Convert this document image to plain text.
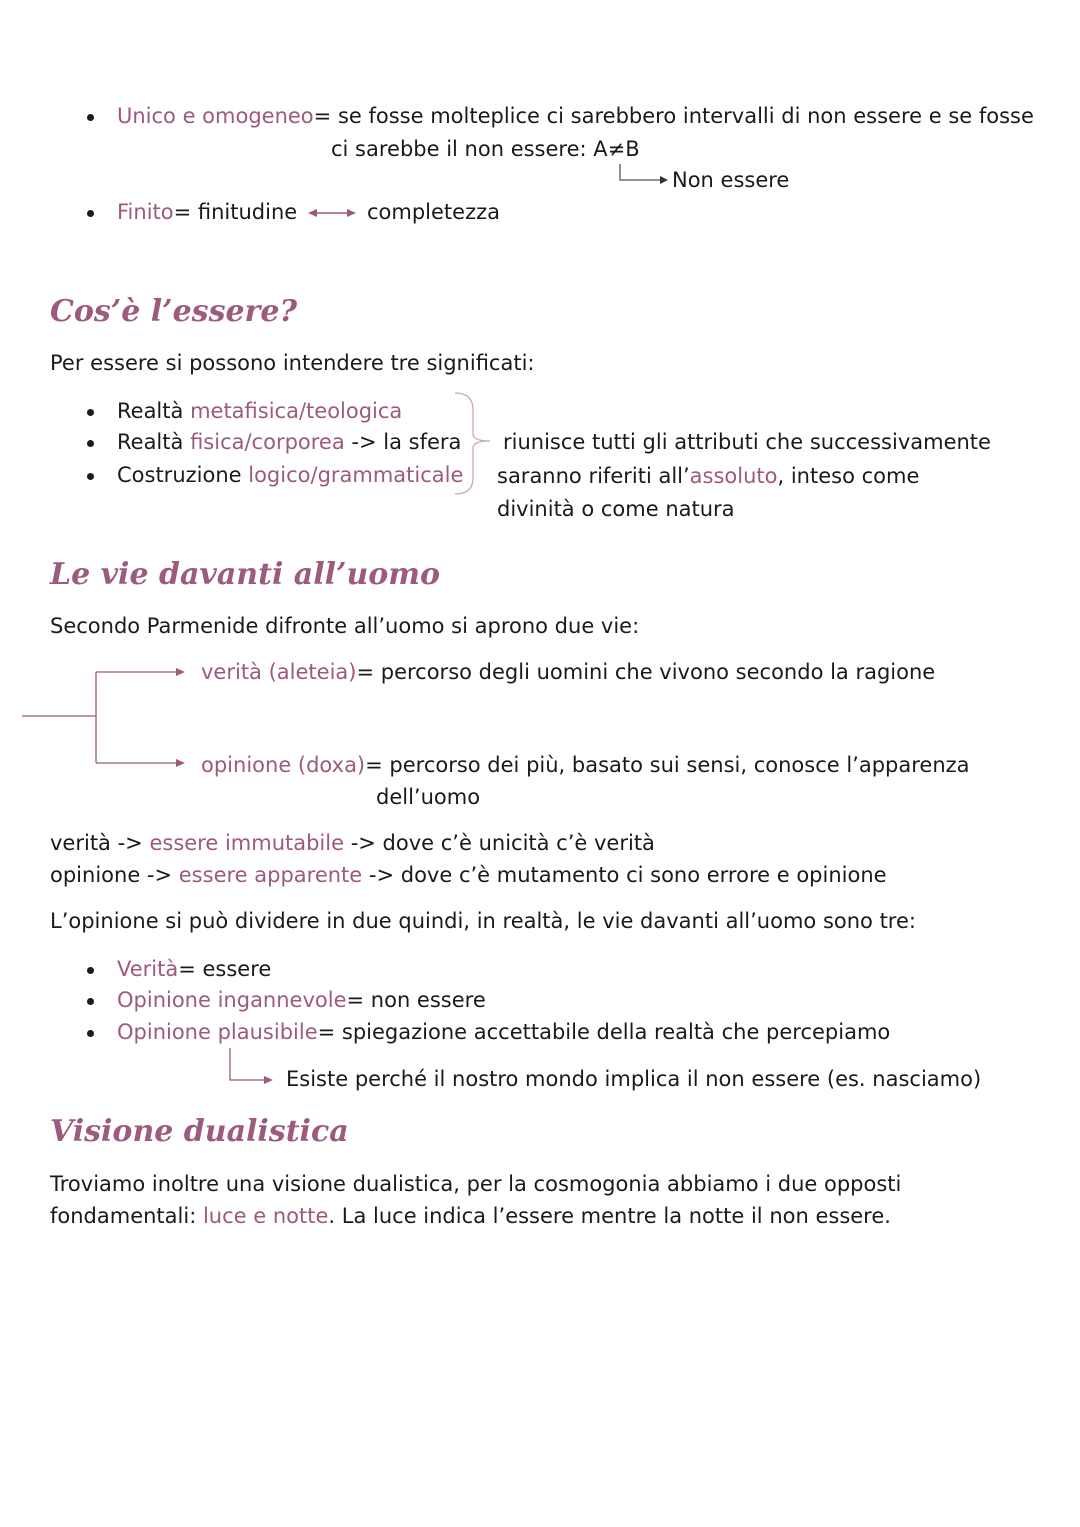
Unico e omogeneo= se fosse molteplice ci sarebbero intervalli di non essere e se fosse
ci sarebbe il non essere: A≠B
Non essere
Finito= finitudine	completezza
Cos’è l’essere?
Per essere si possono intendere tre significati:
Realtà metafisica/teologica
Realtà fisica/corporea -> la sfera
Costruzione logico/grammaticale
riunisce tutti gli attributi che successivamente
saranno riferiti all’assoluto, inteso come
divinità o come natura
Le vie davanti all’uomo
Secondo Parmenide difronte all’uomo si aprono due vie:
verità (aleteia)= percorso degli uomini che vivono secondo la ragione
opinione (doxa)= percorso dei più, basato sui sensi, conosce l’apparenza
dell’uomo
verità -> essere immutabile -> dove c’è unicità c’è verità
opinione -> essere apparente -> dove c’è mutamento ci sono errore e opinione
L’opinione si può dividere in due quindi, in realtà, le vie davanti all’uomo sono tre:
Verità= essere
Opinione ingannevole= non essere
Opinione plausibile= spiegazione accettabile della realtà che percepiamo
Esiste perché il nostro mondo implica il non essere (es. nasciamo)
Visione dualistica
Troviamo inoltre una visione dualistica, per la cosmogonia abbiamo i due opposti
fondamentali: luce e notte. La luce indica l’essere mentre la notte il non essere.
